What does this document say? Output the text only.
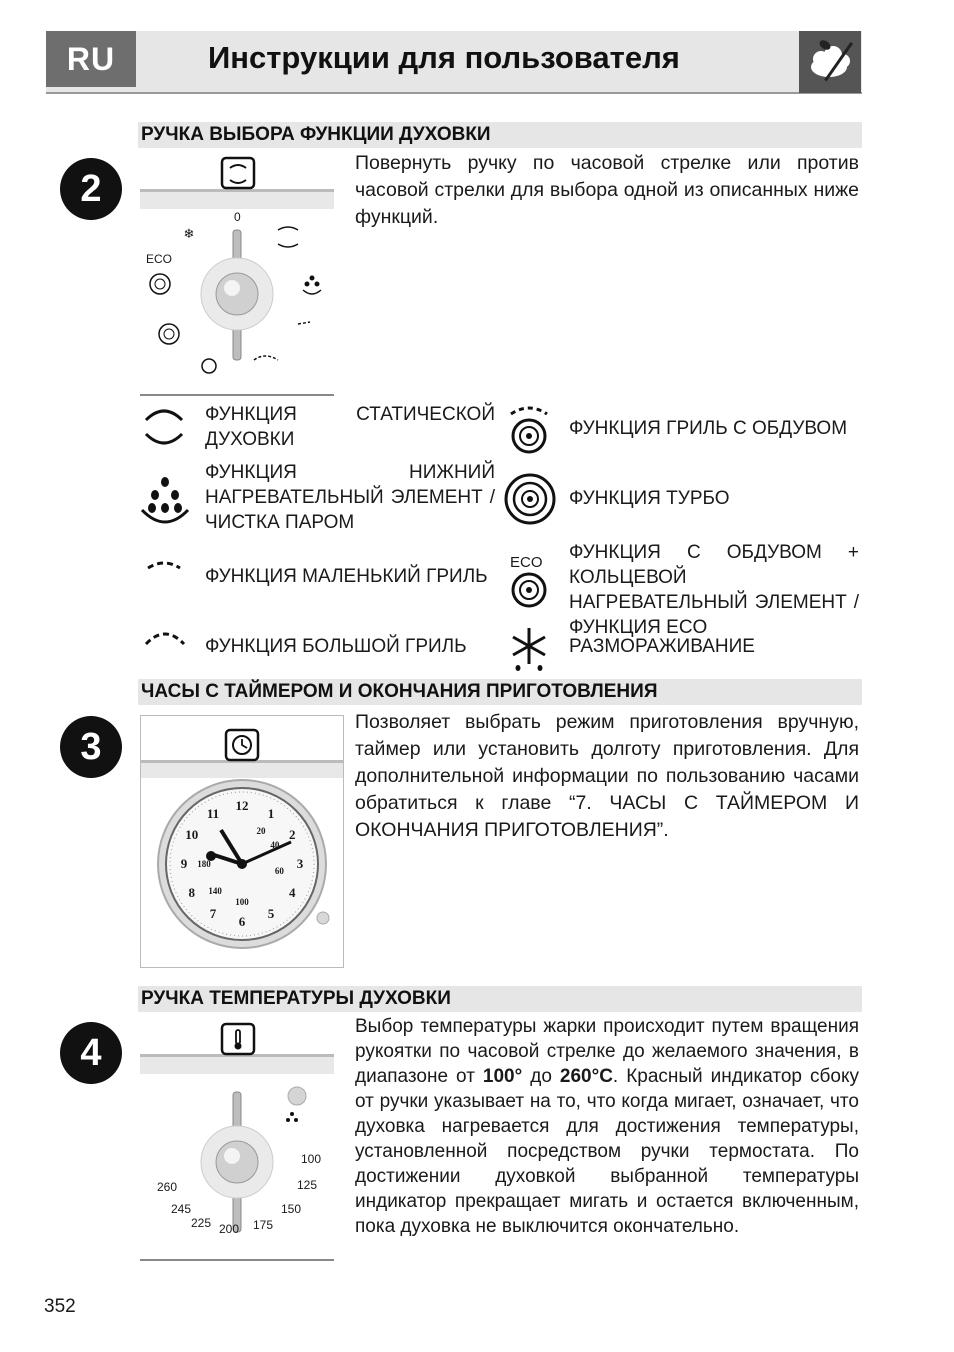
RU	Инструкции для пользователя
2
РУЧКА ВЫБОРА ФУНКЦИИ ДУХОВКИ
❄
0
ECO
Повернуть ручку по часовой стрелке или против часовой стрелки для выбора одной из описанных ниже функций.
ФУНКЦИЯ СТАТИЧЕСКОЙ ДУХОВКИ
ФУНКЦИЯ НИЖНИЙ НАГРЕВАТЕЛЬНЫЙ ЭЛЕМЕНТ / ЧИСТКА ПАРОМ
ФУНКЦИЯ МАЛЕНЬКИЙ ГРИЛЬ
ФУНКЦИЯ БОЛЬШОЙ ГРИЛЬ
ФУНКЦИЯ ГРИЛЬ С ОБДУВОМ
ФУНКЦИЯ ТУРБО
ECO ФУНКЦИЯ С ОБДУВОМ + КОЛЬЦЕВОЙ НАГРЕВАТЕЛЬНЫЙ ЭЛЕМЕНТ / ФУНКЦИЯ ECO
РАЗМОРАЖИВАНИЕ
ЧАСЫ С ТАЙМЕРОМ И ОКОНЧАНИЯ ПРИГОТОВЛЕНИЯ
3
12
1
2
3
4
5
6
7
8
9
10
11
20
40
60
100
140
180
Позволяет выбрать режим приготовления вручную, таймер или установить долготу приготовления. Для дополнительной информации по пользованию часами обратиться к главе “7. ЧАСЫ С ТАЙМЕРОМ И ОКОНЧАНИЯ ПРИГОТОВЛЕНИЯ”.
РУЧКА ТЕМПЕРАТУРЫ ДУХОВКИ
4
100
125
150
175
200
225
245
260
Выбор температуры жарки происходит путем вращения рукоятки по часовой стрелке до желаемого значения, в диапазоне от 100° до 260°C. Красный индикатор сбоку от ручки указывает на то, что когда мигает, означает, что духовка нагревается для достижения температуры, установленной посредством ручки термостата. По достижении духовкой выбранной температуры индикатор прекращает мигать и остается включенным, пока духовка не выключится окончательно.
352
